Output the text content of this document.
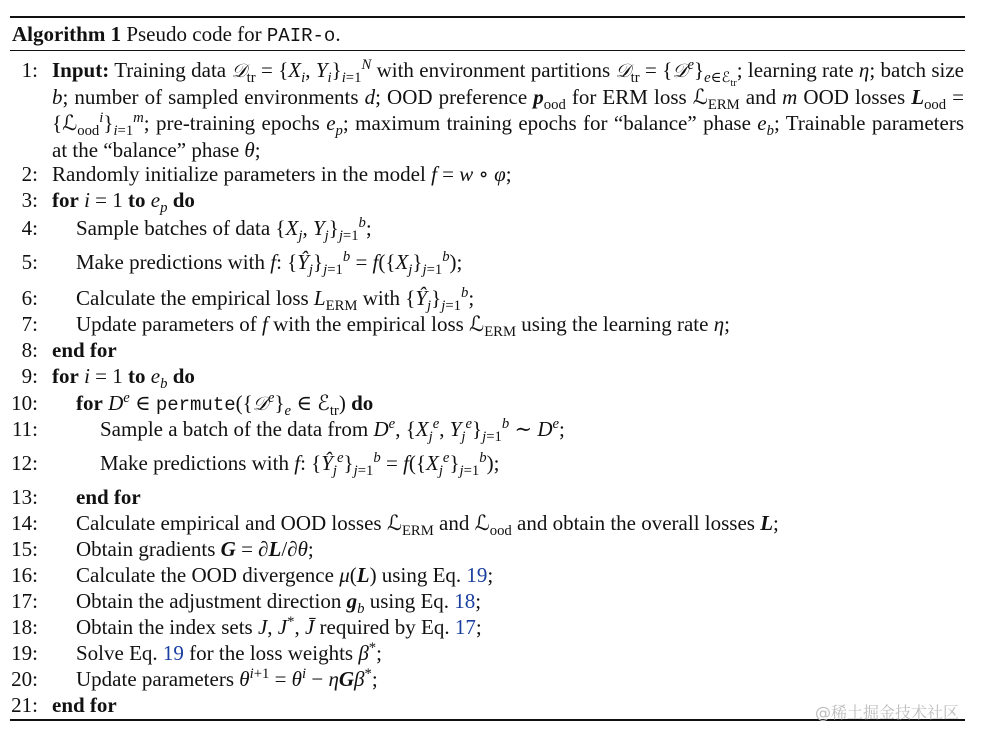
Algorithm 1 Pseudo code for PAIR-o.
1: Input: Training data 𝒟$_{tr}$ = {$X_i$, $Y_i\}_{i=1}^N$ with environment partitions 𝒟$_{tr}$ = $\{𝒟^e\}_{e\in ℰ_{tr}}$; learning rate η; batch size b; number of sampled environments d; OOD preference $p_{ood}$ for ERM loss ℒ$_{ERM}$ and m OOD losses $L_{ood}$ = $\{ℒ_{ood}^i\}_{i=1}^m$; pre-training epochs $e_p$; maximum training epochs for “balance” phase $e_b$; Trainable parameters at the “balance” phase θ;
2: Randomly initialize parameters in the model f = w ∘ φ;
3: for i = 1 to $e_p$ do
4: Sample batches of data {$X_j$, $Y_j\}_{j=1}^b$;
5: Make predictions with f: $\{Ŷ_j\}_{j=1}^b = f(\{X_j\}_{j=1}^b)$;
6: Calculate the empirical loss $L_{ERM}$ with $\{Ŷ_j\}_{j=1}^b$;
7: Update parameters of f with the empirical loss ℒ$_{ERM}$ using the learning rate η;
8: end for
9: for i = 1 to $e_b$ do
10: for De ∈ $permute(\{𝒟^e\}_e$ ∈ ℰ$_{tr}$) do
11:	Sample a batch of the data from De, {$X_j^e$, $Y_j^e\}_{j=1}^b$ ∼ De;
12:	Make predictions with f: $\{Ŷ_j^e\}_{j=1}^b = f(\{X_j^e\}_{j=1}^b)$;
13: end for
14: Calculate empirical and OOD losses ℒ$_{ERM}$ and ℒ$_{ood}$ and obtain the overall losses L;
15: Obtain gradients G = ∂L/∂θ;
16: Calculate the OOD divergence μ(L) using Eq. 19;
17: Obtain the adjustment direction $g_b$ using Eq. 18;
18: Obtain the index sets J, J*, J̄ required by Eq. 17;
19: Solve Eq. 19 for the loss weights β*;
20: Update parameters $\theta^{i+1} = \theta^i - \eta G\beta^*$;
21: end for	@稀土掘金技术社区
